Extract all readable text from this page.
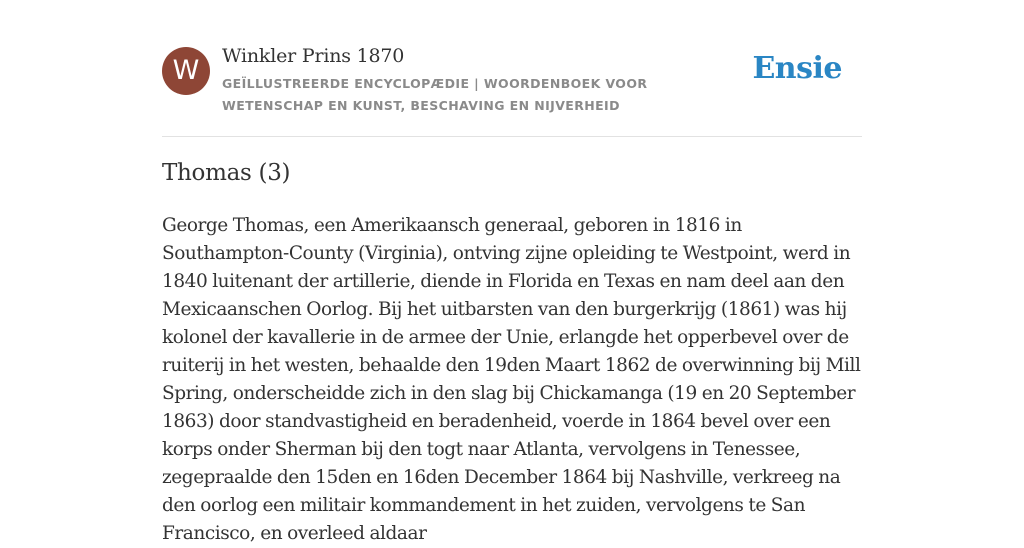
W	Winkler Prins 1870
GEÏLLUSTREERDE ENCYCLOPÆDIE | WOORDENBOEK VOOR WETENSCHAP EN KUNST, BESCHAVING EN NIJVERHEID
Ensie
Thomas (3)

George Thomas, een Amerikaansch generaal, geboren in 1816 in Southampton-County (Virginia), ontving zijne opleiding te Westpoint, werd in 1840 luitenant der artillerie, diende in Florida en Texas en nam deel aan den Mexicaanschen Oorlog. Bij het uitbarsten van den burgerkrijg (1861) was hij kolonel der kavallerie in de armee der Unie, erlangde het opperbevel over de ruiterij in het westen, behaalde den 19den Maart 1862 de overwinning bij Mill Spring, onderscheidde zich in den slag bij Chickamanga (19 en 20 September 1863) door standvastigheid en beradenheid, voerde in 1864 bevel over een korps onder Sherman bij den togt naar Atlanta, vervolgens in Tenessee, zegepraalde den 15den en 16den December 1864 bij Nashville, verkreeg na den oorlog een militair kommandement in het zuiden, vervolgens te San Francisco, en overleed aldaar
